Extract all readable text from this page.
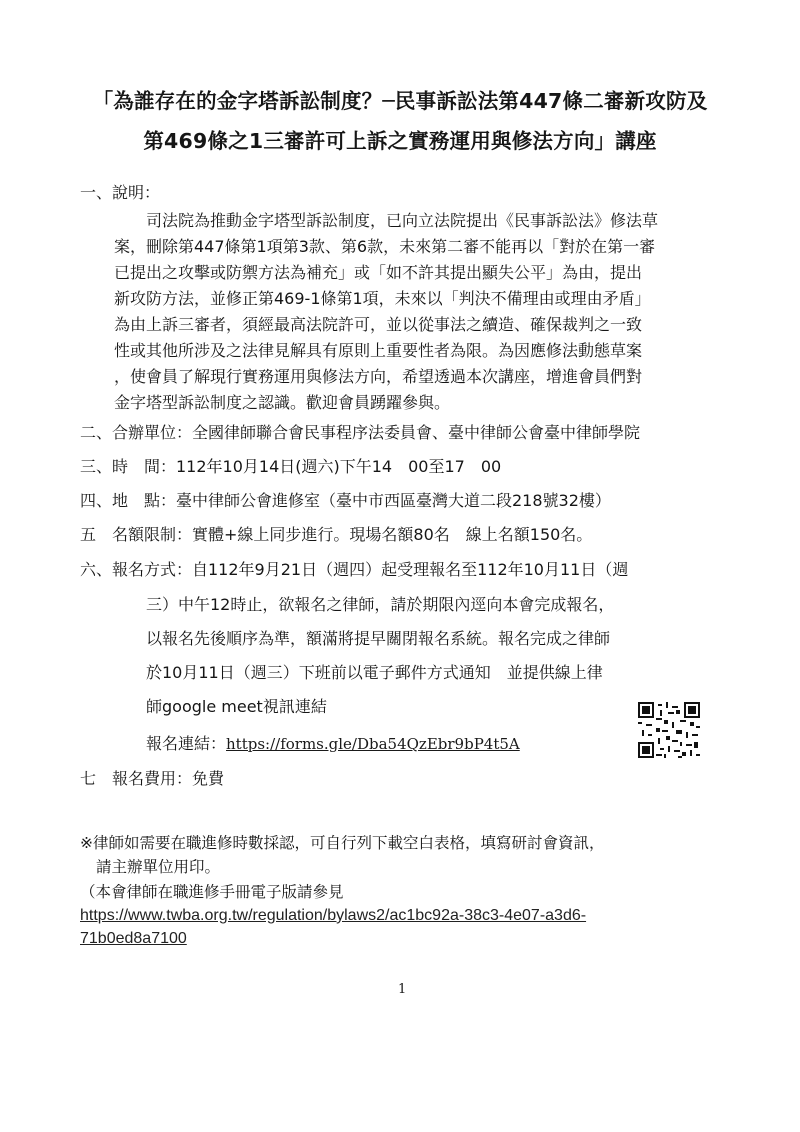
「為誰存在的金字塔訴訟制度？─民事訴訟法第447條二審新攻防及
第469條之1三審許可上訴之實務運用與修法方向」講座
一、說明：
司法院為推動金字塔型訴訟制度，已向立法院提出《民事訴訟法》修法草
案，刪除第447條第1項第3款、第6款，未來第二審不能再以「對於在第一審
已提出之攻擊或防禦方法為補充」或「如不許其提出顯失公平」為由，提出
新攻防方法，並修正第469-1條第1項，未來以「判決不備理由或理由矛盾」
為由上訴三審者，須經最高法院許可，並以從事法之續造、確保裁判之一致
性或其他所涉及之法律見解具有原則上重要性者為限。為因應修法動態草案
，使會員了解現行實務運用與修法方向，希望透過本次講座，增進會員們對
金字塔型訴訟制度之認識。歡迎會員踴躍參與。
二、合辦單位：全國律師聯合會民事程序法委員會、臺中律師公會臺中律師學院
三、時　間：112年10月14日(週六)下午14　00至17　00
四、地　點：臺中律師公會進修室（臺中市西區臺灣大道二段218號32樓）
五　名額限制：實體+線上同步進行。現場名額80名　線上名額150名。
六、報名方式：自112年9月21日（週四）起受理報名至112年10月11日（週
三）中午12時止，欲報名之律師，請於期限內逕向本會完成報名，
以報名先後順序為準，額滿將提早關閉報名系統。報名完成之律師
於10月11日（週三）下班前以電子郵件方式通知　並提供線上律
師google meet視訊連結
報名連結：https://forms.gle/Dba54QzEbr9bP4t5A
七　報名費用：免費
※律師如需要在職進修時數採認，可自行列下載空白表格，填寫研討會資訊，
請主辦單位用印。
（本會律師在職進修手冊電子版請參見
https://www.twba.org.tw/regulation/bylaws2/ac1bc92a-38c3-4e07-a3d6-
71b0ed8a7100
1
